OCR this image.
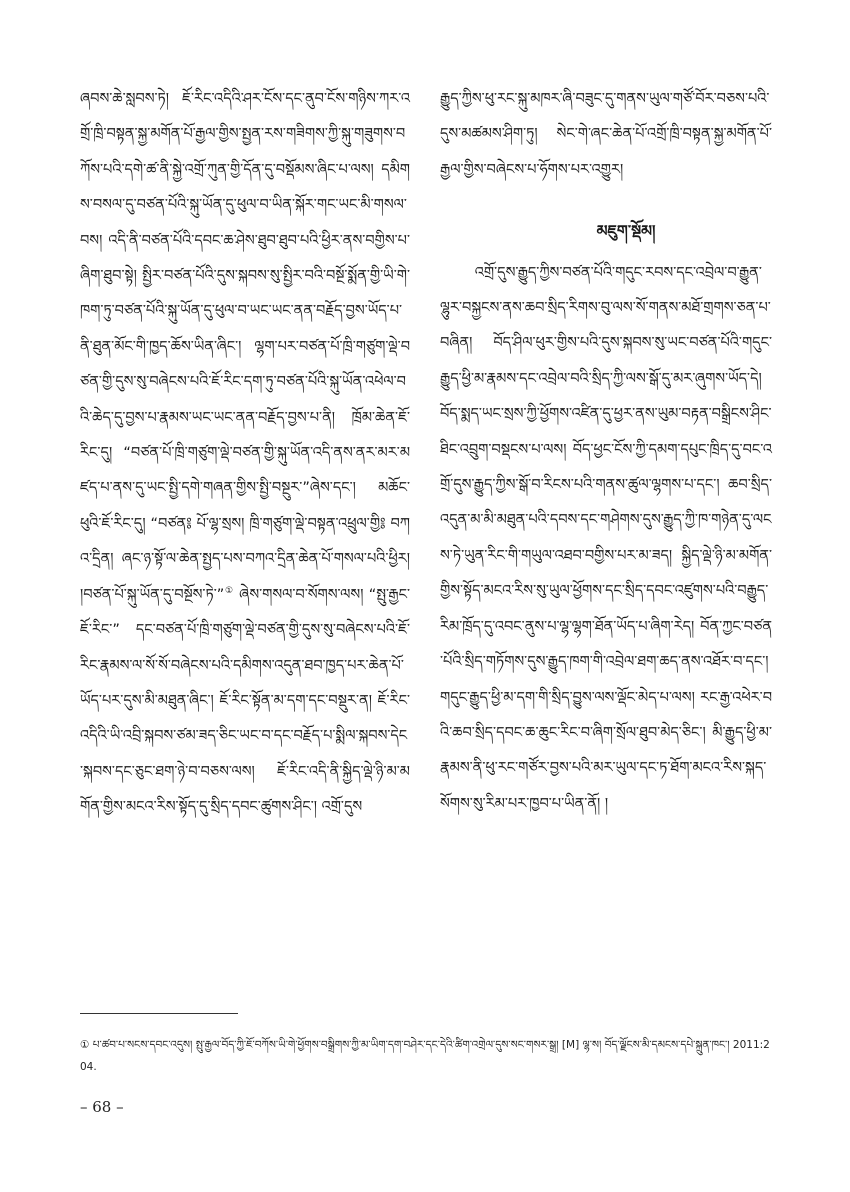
ཞབས་ཆེ་སླབས་ཏེ། ཇོ་རིང་འདིའི་ཤར་ངོས་དང་ནུབ་ངོས་གཉིས་ཀར་འགྲོ་ཁྲི་བསྟན་སྐྱ་མགོན་པོ་རྒྱལ་གྱིས་སྤྱན་རས་གཟིགས་ཀྱི་སྐུ་གཟུགས་བཀོས་པའི་དགེ་ཚ་ནི་སྐྱེ་འགྲོ་ཀུན་གྱི་དོན་དུ་བསྡོམས་ཞིང་པ་ལས། དམིགས་བསལ་དུ་བཙན་པོའི་སྐུ་ཡོན་དུ་ཕུལ་བ་ཡིན་སྐོར་གང་ཡང་མི་གསལ་བས། འདི་ནི་བཙན་པོའི་དབང་ཆ་ཤེས་ཐུབ་ཐུབ་པའི་ཕྱིར་ནས་བགྱིས་པ་ཞིག་ཐུབ་སྟེ། སྤྱིར་བཙན་པོའི་དུས་སྐབས་སུ་སྤྱིར་བའི་བསྔོ་སྨོན་གྱི་ཡི་གེ་ཁག་ཏུ་བཙན་པོའི་སྐུ་ཡོན་དུ་ཕུལ་བ་ཡང་ཡང་ནན་བརྗོད་བྱས་ཡོད་པ་ནི་ཐུན་མོང་གི་ཁྱད་ཆོས་ཡིན་ཞིང་། ལྷག་པར་བཙན་པོ་ཁྲི་གཙུག་ལྡེ་བཙན་གྱི་དུས་སུ་བཞེངས་པའི་ཇོ་རིང་དག་ཏུ་བཙན་པོའི་སྐུ་ཡོན་འཕེལ་བའི་ཆེད་དུ་བྱས་པ་རྣམས་ཡང་ཡང་ནན་བརྗོད་བྱས་པ་ནི། ཁྲོམ་ཆེན་ཇོ་རིང་དུ། “བཙན་པོ་ཁྲི་གཙུག་ལྡེ་བཙན་གྱི་སྐུ་ཡོན་འདི་ནས་ནར་མར་མཛད་པ་ནས་དུ་ཡང་སྤྱི་དགེ་གཞན་གྱིས་སྤྱི་བསྔུར་”ཞེས་དང་། མཆོང་ཕུའི་ཇོ་རིང་དུ། “བཙན༔ པོ་ལྷ་སྲས། ཁྲི་གཙུག་ལྡེ་བསྟན་འཕྲུལ་གྱི༔ བཀའ་དྲིན། ཞང་ཉ་སྟོ་ལ་ཆེན་སྤྱད་པས་བཀའ་དྲིན་ཆེན་པོ་གསལ་པའི་ཕྱིར། །བཙན་པོ་སྐུ་ཡོན་དུ་བསྔོས་ཏེ་”① ཞེས་གསལ་བ་སོགས་ལས། “སྤུ་རྒྱང་ཇོ་རིང་” དང་བཙན་པོ་ཁྲི་གཙུག་ལྡེ་བཙན་གྱི་དུས་སུ་བཞེངས་པའི་ཇོ་རིང་རྣམས་ལ་སོ་སོ་བཞེངས་པའི་དམིགས་འདུན་ཐབ་ཁྱད་པར་ཆེན་པོ་ཡོད་པར་དུས་མི་མཐུན་ཞིང་། ཇོ་རིང་སྟོན་མ་དག་དང་བསྡུར་ན། ཇོ་རིང་འདིའི་ཡི་འབྲི་སྐབས་ཙམ་ཟད་ཅིང་ཡང་བ་དང་བརྗོད་པ་སྨིལ་སྐབས་དེང་སྐབས་དང་ཅུང་ཐག་ཉེ་བ་བཅས་ལས། ཇོ་རིང་འདི་ནི་སྐྱིད་ལྡེ་ཉི་མ་མགོན་གྱིས་མངའ་རིས་སྟོད་དུ་སྲིད་དབང་ཚུགས་ཤིང་། འགྲོ་དུས

རྒྱུད་ཀྱིས་ཕུ་རང་སྐུ་མཁར་ཞི་བཟུང་དུ་གནས་ཡུལ་གཙོ་བོར་བཅས་པའི་དུས་མཚམས་ཤིག་ཏུ། སེང་གེ་ཞང་ཆེན་པོ་འགྲོ་ཁྲི་བསྟན་སྐྱ་མགོན་པོ་རྒྱལ་གྱིས་བཞེངས་པ་ཧོགས་པར་འགྱུར།

མཇུག་སྡོམ།

འགྲོ་དུས་རྒྱུད་ཀྱིས་བཙན་པོའི་གདུང་རབས་དང་འབྲེལ་བ་རྒྱུན་ལྷུར་བསྐྱངས་ནས་ཆབ་སྲིད་རིགས་བུ་ལས་སོ་གནས་མཐོ་གྲགས་ཅན་པ་བཞིན། བོད་ཤིལ་ཕུར་གྱིས་པའི་དུས་སྐབས་སུ་ཡང་བཙན་པོའི་གདུང་རྒྱུད་ཕྱི་མ་རྣམས་དང་འབྲེལ་བའི་སྲིད་ཀྱི་ལས་སྒོ་དུ་མར་ཞུགས་ཡོད་དེ། བོད་སྨད་ཡང་སྲས་ཀྱི་ཕྱོགས་འཛིན་དུ་ཕྱར་ནས་ཡུམ་བརྟན་བསྒྲིངས་ཤིང་ཐིང་འབྲུག་བསྡངས་པ་ལས། བོད་ཕྱང་ངོས་ཀྱི་དམག་དཔུང་ཁྲིད་དུ་བང་འགྲོ་དུས་རྒྱུད་ཀྱིས་སྒོ་བ་རིངས་པའི་གནས་ཚུལ་ལྷགས་པ་དང་། ཆབ་སྲིད་འདུན་མ་མི་མཐུན་པའི་དབས་དང་གཤེགས་དུས་རྒྱུད་ཀྱི་ཁ་གཉེན་དུ་ལངས་ཏེ་ཡུན་རིང་གི་གཡུལ་འཐབ་བགྱིས་པར་མ་ཟད། སྐྱིད་ལྡེ་ཉི་མ་མགོན་གྱིས་སྟོད་མངའ་རིས་སུ་ཡུལ་ཕྱོགས་དང་སྲིད་དབང་འཛུགས་པའི་བརྒྱུད་རིམ་ཁྲོད་དུ་འབང་ནུས་པ་ལྷ་ལྷག་ཐོན་ཡོད་པ་ཞིག་རེད། བོན་ཀྱང་བཙན་པོའི་སྲིད་གཏོགས་དུས་རྒྱུད་ཁག་གི་འབྲེལ་ཐག་ཆད་ནས་འཐོར་བ་དང་། གདུང་རྒྱུད་ཕྱི་མ་དག་གི་སྲིད་བྱུས་ལས་ལྡོང་མེད་པ་ལས། རང་རྒྱ་འཕེར་བའི་ཆབ་སྲིད་དབང་ཆ་ཆུང་རིང་བ་ཞིག་སྲོལ་ཐུབ་མེད་ཅིང་། མི་རྒྱུད་ཕྱི་མ་རྣམས་ནི་ཕུ་རང་གཙོར་བྱས་པའི་མར་ཡུལ་དང་ཏ་ཐོག་མངའ་རིས་སྐད་སོགས་སུ་རིམ་པར་ཁྱབ་པ་ཡིན་ནོ། །

① པ་ཚབ་པ་སངས་དབང་འདུས། སྤུ་རྒྱལ་བོད་ཀྱི་ཇོ་བཀོས་ཡི་གེ་ཕྱོགས་བསྒྲིགས་ཀྱི་མ་ཡིག་དག་བཤེར་དང་དེའི་ཚིག་འགྲེལ་དུས་སང་གསར་སྒྲ། [M] ལྷ་ས། བོད་ལྗོངས་མི་དམངས་དཔེ་སྐྲུན་ཁང་། 2011:204.
– 68 –
